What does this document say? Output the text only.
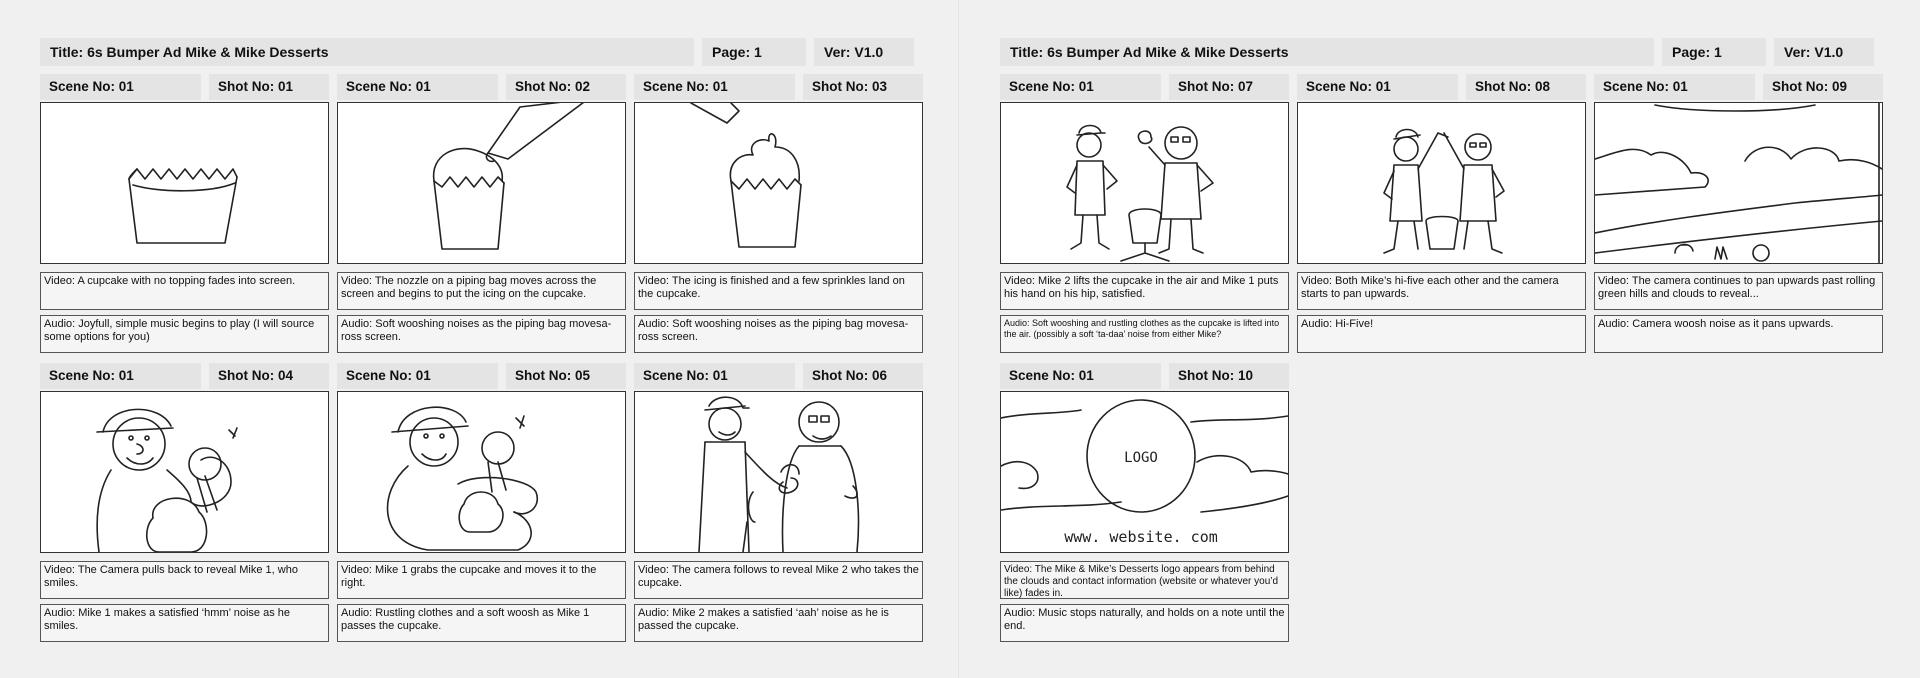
Title: 6s Bumper Ad Mike & Mike Desserts	Page: 1	Ver: V1.0
Scene No: 01	Shot No: 01
Video: A cupcake with no topping fades into screen.
Audio: Joyfull, simple music begins to play (I will source some options for you)
Scene No: 01	Shot No: 02
Video: The nozzle on a piping bag moves across the screen and begins to put the icing on the cupcake.
Audio: Soft wooshing noises as the piping bag movesa-ross screen.
Scene No: 01	Shot No: 03
Video: The icing is finished and a few sprinkles land on the cupcake.
Audio: Soft wooshing noises as the piping bag movesa-ross screen.
Scene No: 01	Shot No: 04
Video: The Camera pulls back to reveal Mike 1, who smiles.
Audio: Mike 1 makes a satisfied ‘hmm’ noise as he smiles.
Scene No: 01	Shot No: 05
Video: Mike 1 grabs the cupcake and moves it to the right.
Audio: Rustling clothes and a soft woosh as Mike 1 passes the cupcake.
Scene No: 01	Shot No: 06
Video: The camera follows to reveal Mike 2 who takes the cupcake.
Audio: Mike 2 makes a satisfied ‘aah’ noise as he is passed the cupcake.
Title: 6s Bumper Ad Mike & Mike Desserts	Page: 1	Ver: V1.0
Scene No: 01	Shot No: 07
Video: Mike 2 lifts the cupcake in the air and Mike 1 puts his hand on his hip, satisfied.
Audio: Soft wooshing and rustling clothes as the cupcake is lifted into the air. (possibly a soft ‘ta-daa’ noise from either Mike?
Scene No: 01	Shot No: 08
Video: Both Mike’s hi-five each other and the camera starts to pan upwards.
Audio: Hi-Five!
Scene No: 01	Shot No: 09
Video: The camera continues to pan upwards past rolling green hills and clouds to reveal...
Audio: Camera woosh noise as it pans upwards.
Scene No: 01	Shot No: 10
LOGO
www. website. com
Video: The Mike & Mike’s Desserts logo appears from behind the clouds and contact information (website or whatever you’d like) fades in.
Audio: Music stops naturally, and holds on a note until the end.
